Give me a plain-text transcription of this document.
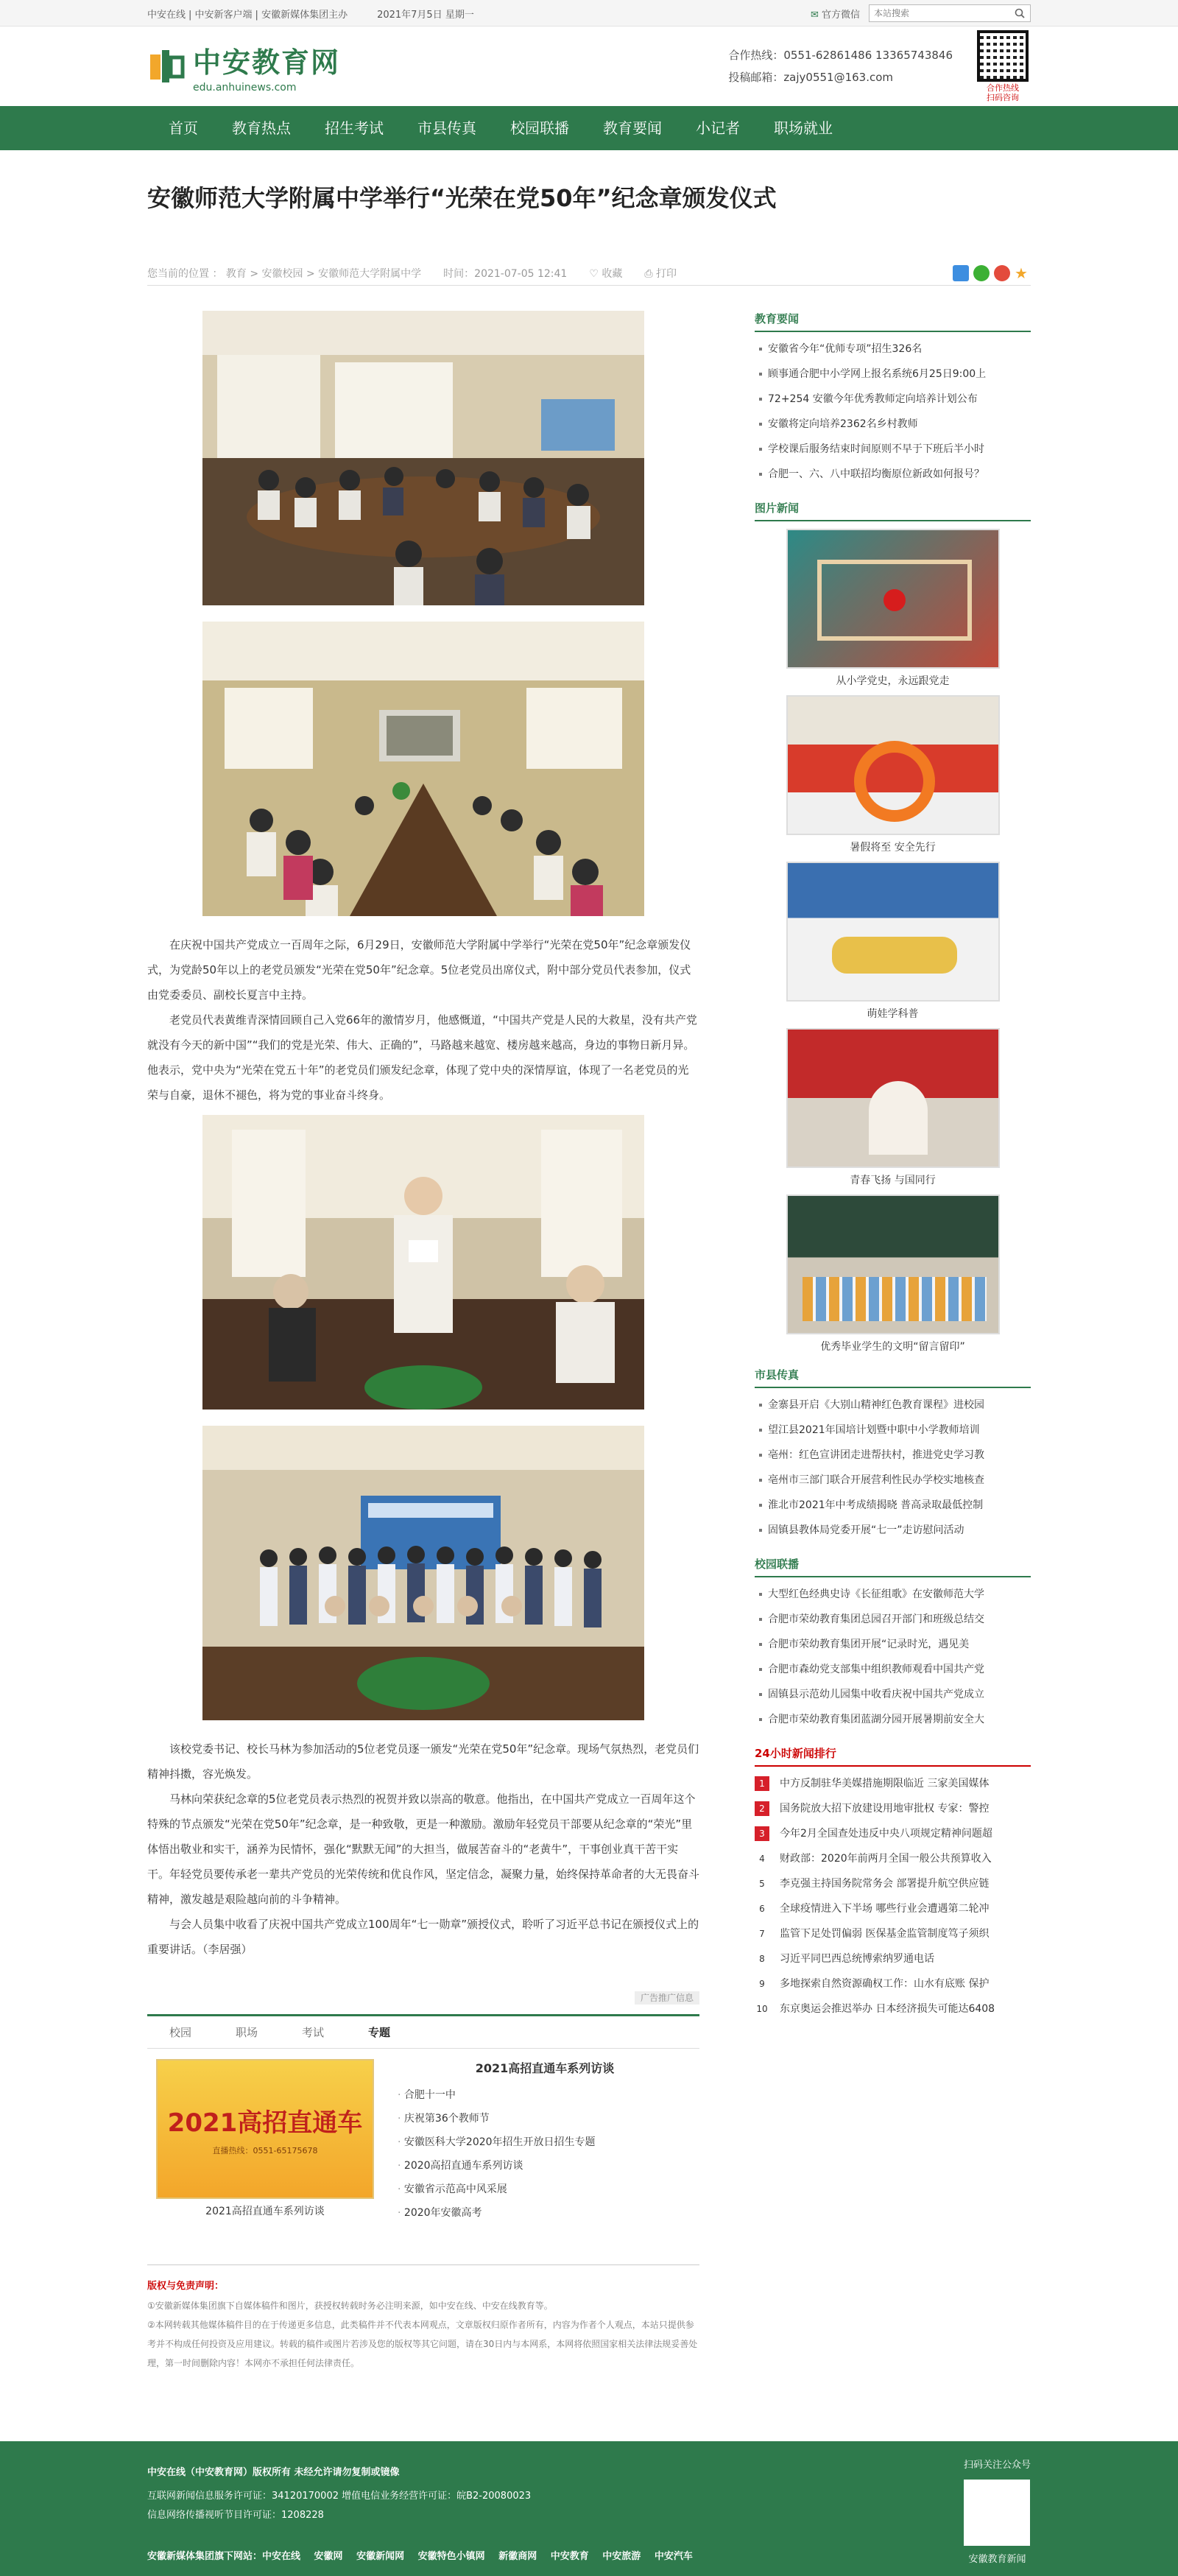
中安在线 | 中安新客户端 | 安徽新媒体集团主办	2021年7月5日 星期一	✉ 官方微信
本站搜索
中安教育网
edu.anhuinews.com
合作热线：0551-62861486 13365743846
投稿邮箱：zajy0551@163.com
合作热线
扫码咨询
首页	教育热点	招生考试	市县传真	校园联播	教育要闻	小记者	职场就业
安徽师范大学附属中学举行“光荣在党50年”纪念章颁发仪式
您当前的位置 ： 教育 > 安徽校园 > 安徽师范大学附属中学 时间：2021-07-05 12:41 ♡ 收藏 ⎙ 打印	★

在庆祝中国共产党成立一百周年之际，6月29日，安徽师范大学附属中学举行“光荣在党50年”纪念章颁发仪式，为党龄50年以上的老党员颁发“光荣在党50年”纪念章。5位老党员出席仪式，附中部分党员代表参加，仪式由党委委员、副校长夏言中主持。

老党员代表黄维青深情回顾自己入党66年的激情岁月，他感慨道，“中国共产党是人民的大救星，没有共产党就没有今天的新中国”“我们的党是光荣、伟大、正确的”，马路越来越宽、楼房越来越高，身边的事物日新月异。他表示，党中央为“光荣在党五十年”的老党员们颁发纪念章，体现了党中央的深情厚谊，体现了一名老党员的光荣与自豪，退休不褪色，将为党的事业奋斗终身。

该校党委书记、校长马林为参加活动的5位老党员逐一颁发“光荣在党50年”纪念章。现场气氛热烈，老党员们精神抖擞，容光焕发。

马林向荣获纪念章的5位老党员表示热烈的祝贺并致以崇高的敬意。他指出，在中国共产党成立一百周年这个特殊的节点颁发“光荣在党50年”纪念章，是一种致敬，更是一种激励。激励年轻党员干部要从纪念章的“荣光”里体悟出敬业和实干，涵养为民情怀，强化“默默无闻”的大担当，做展苦奋斗的“老黄牛”，干事创业真干苦干实干。年轻党员要传承老一辈共产党员的光荣传统和优良作风，坚定信念，凝聚力量，始终保持革命者的大无畏奋斗精神，激发越是艰险越向前的斗争精神。

与会人员集中收看了庆祝中国共产党成立100周年“七一勋章”颁授仪式，聆听了习近平总书记在颁授仪式上的重要讲话。（李居强）

广告推广信息
校园	职场	考试	专题
2021高招直通车
直播热线：0551-65175678
2021高招直通车系列访谈
2021高招直通车系列访谈
· 合肥十一中
· 庆祝第36个教师节
· 安徽医科大学2020年招生开放日招生专题
· 2020高招直通车系列访谈
· 安徽省示范高中风采展
· 2020年安徽高考
版权与免责声明：

①安徽新媒体集团旗下自媒体稿件和图片，获授权转载时务必注明来源，如中安在线、中安在线教育等。

②本网转载其他媒体稿件目的在于传递更多信息，此类稿件并不代表本网观点，文章版权归原作者所有，内容为作者个人观点，本站只提供参考并不构成任何投资及应用建议。转载的稿件或图片若涉及您的版权等其它问题，请在30日内与本网系，本网将依照国家相关法律法规妥善处理，第一时间删除内容！本网亦不承担任何法律责任。

教育要闻
安徽省今年“优师专项”招生326名
顾事通合肥中小学网上报名系统6月25日9:00上
72+254 安徽今年优秀教师定向培养计划公布
安徽将定向培养2362名乡村教师
学校课后服务结束时间原则不早于下班后半小时
合肥一、六、八中联招均衡原位新政如何报号？
图片新闻
从小学党史，永远跟党走
暑假将至 安全先行
萌娃学科普
青春飞扬 与国同行
优秀毕业学生的文明“留言留印”
市县传真
金寨县开启《大别山精神红色教育课程》进校园
望江县2021年国培计划暨中职中小学教师培训
亳州：红色宣讲团走进帮扶村，推进党史学习教
亳州市三部门联合开展营利性民办学校实地核查
淮北市2021年中考成绩揭晓 普高录取最低控制
固镇县教体局党委开展“七一”走访慰问活动
校园联播
大型红色经典史诗《长征组歌》在安徽师范大学
合肥市荣幼教育集团总园召开部门和班级总结交
合肥市荣幼教育集团开展“记录时光，遇见美
合肥市森幼党支部集中组织教师观看中国共产党
固镇县示范幼儿园集中收看庆祝中国共产党成立
合肥市荣幼教育集团蓝湖分园开展暑期前安全大
24小时新闻排行
1	中方反制驻华美媒措施期限临近 三家美国媒体
2	国务院放大招下放建设用地审批权 专家：警控
3	今年2月全国查处违反中央八项规定精神问题超
4	财政部：2020年前两月全国一般公共预算收入
5	李克强主持国务院常务会 部署提升航空供应链
6	全球疫情进入下半场 哪些行业会遭遇第二轮冲
7	监管下足处罚偏弱 医保基金监管制度笃子须织
8	习近平同巴西总统博索纳罗通电话
9	多地探索自然资源确权工作：山水有底账 保护
10 东京奥运会推迟举办 日本经济损失可能达6408
中安在线（中安教育网）版权所有 未经允许请勿复制或镜像
互联网新闻信息服务许可证：34120170002 增值电信业务经营许可证：皖B2-20080023
信息网络传播视听节目许可证：1208228
安徽新媒体集团旗下网站：中安在线 安徽网 安徽新闻网 安徽特色小镇网 新徽商网 中安教育 中安旅游 中安汽车
扫码关注公众号
安徽教育新闻
